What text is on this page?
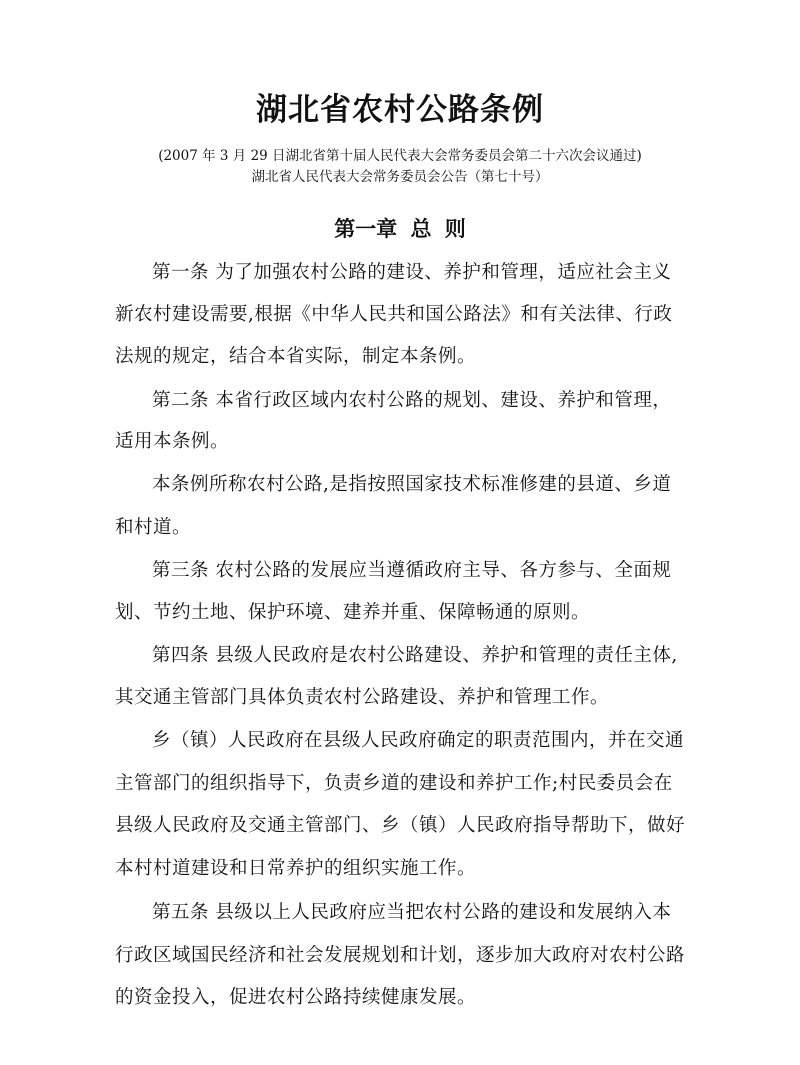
湖北省农村公路条例
(2007 年 3 月 29 日湖北省第十届人民代表大会常务委员会第二十六次会议通过)
湖北省人民代表大会常务委员会公告（第七十号）
第一章 总 则
第一条 为了加强农村公路的建设、养护和管理，适应社会主义
新农村建设需要,根据《中华人民共和国公路法》和有关法律、行政
法规的规定，结合本省实际，制定本条例。
第二条 本省行政区域内农村公路的规划、建设、养护和管理，
适用本条例。
本条例所称农村公路,是指按照国家技术标准修建的县道、乡道
和村道。
第三条 农村公路的发展应当遵循政府主导、各方参与、全面规
划、节约土地、保护环境、建养并重、保障畅通的原则。
第四条 县级人民政府是农村公路建设、养护和管理的责任主体,
其交通主管部门具体负责农村公路建设、养护和管理工作。
乡（镇）人民政府在县级人民政府确定的职责范围内，并在交通
主管部门的组织指导下，负责乡道的建设和养护工作;村民委员会在
县级人民政府及交通主管部门、乡（镇）人民政府指导帮助下，做好
本村村道建设和日常养护的组织实施工作。
第五条 县级以上人民政府应当把农村公路的建设和发展纳入本
行政区域国民经济和社会发展规划和计划，逐步加大政府对农村公路
的资金投入，促进农村公路持续健康发展。
